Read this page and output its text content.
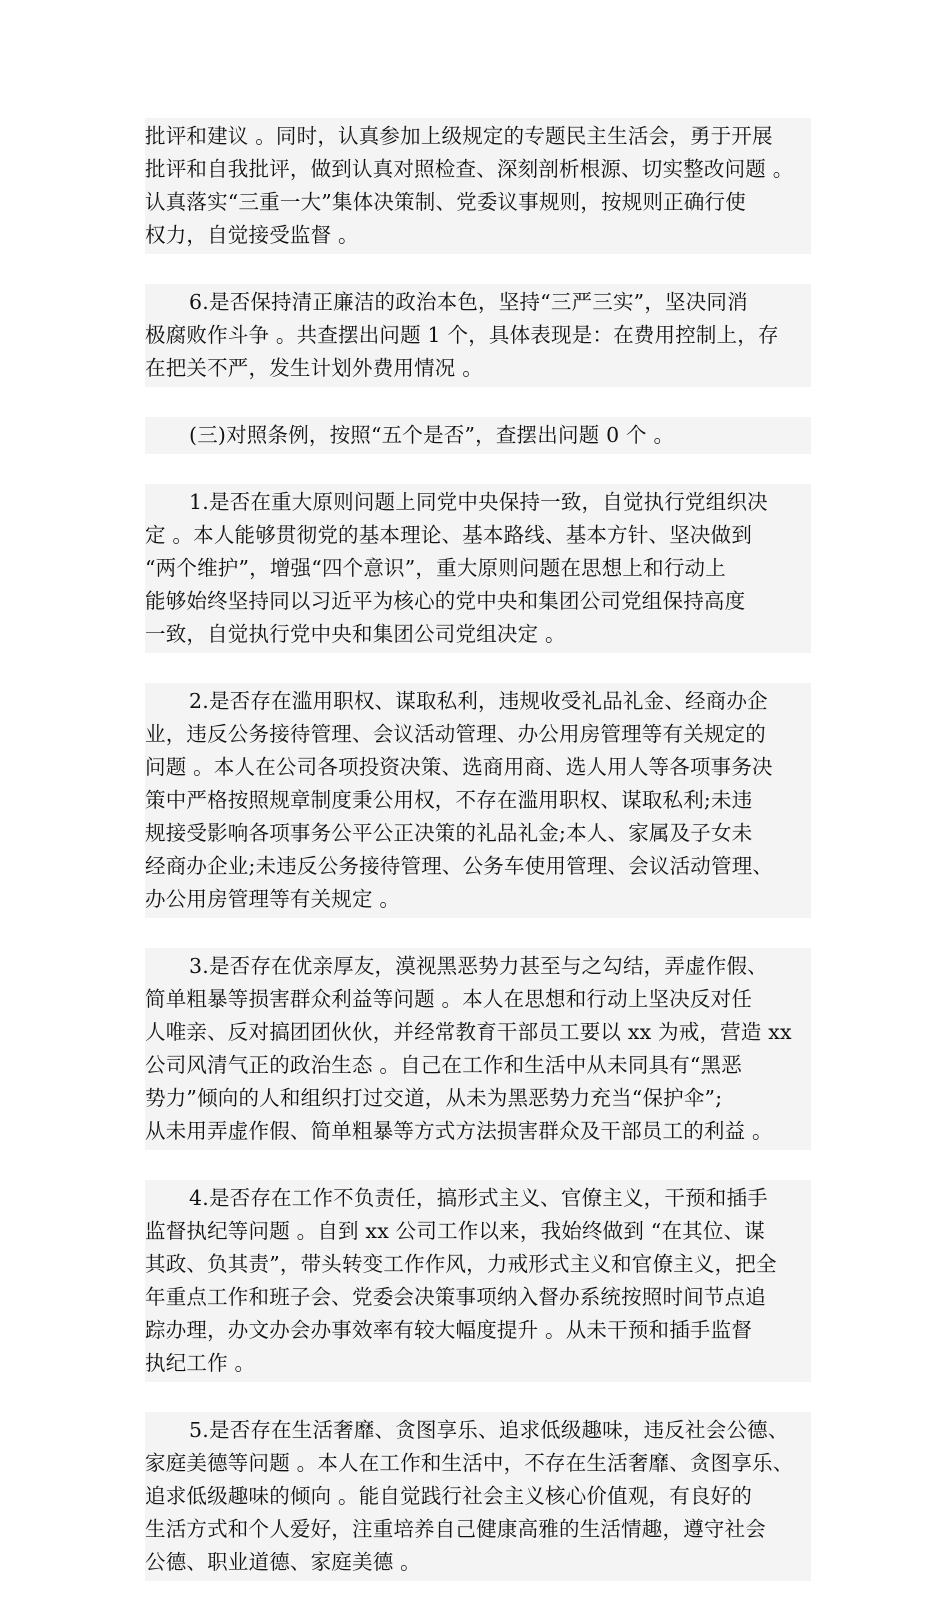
批评和建议 。同时，认真参加上级规定的专题民主生活会，勇于开展
批评和自我批评，做到认真对照检查、深刻剖析根源、切实整改问题 。
认真落实“三重一大”集体决策制、党委议事规则，按规则正确行使
权力，自觉接受监督 。
6.是否保持清正廉洁的政治本色，坚持“三严三实”，坚决同消
极腐败作斗争 。共查摆出问题 1 个，具体表现是：在费用控制上，存
在把关不严，发生计划外费用情况 。
(三)对照条例，按照“五个是否”，查摆出问题 0 个 。
1.是否在重大原则问题上同党中央保持一致，自觉执行党组织决
定 。本人能够贯彻党的基本理论、基本路线、基本方针、坚决做到
“两个维护”，增强“四个意识”，重大原则问题在思想上和行动上
能够始终坚持同以习近平为核心的党中央和集团公司党组保持高度
一致，自觉执行党中央和集团公司党组决定 。
2.是否存在滥用职权、谋取私利，违规收受礼品礼金、经商办企
业，违反公务接待管理、会议活动管理、办公用房管理等有关规定的
问题 。本人在公司各项投资决策、选商用商、选人用人等各项事务决
策中严格按照规章制度秉公用权，不存在滥用职权、谋取私利;未违
规接受影响各项事务公平公正决策的礼品礼金;本人、家属及子女未
经商办企业;未违反公务接待管理、公务车使用管理、会议活动管理、
办公用房管理等有关规定 。
3.是否存在优亲厚友，漠视黑恶势力甚至与之勾结，弄虚作假、
简单粗暴等损害群众利益等问题 。本人在思想和行动上坚决反对任
人唯亲、反对搞团团伙伙，并经常教育干部员工要以 xx 为戒，营造 xx
公司风清气正的政治生态 。自己在工作和生活中从未同具有“黑恶
势力”倾向的人和组织打过交道，从未为黑恶势力充当“保护伞”;
从未用弄虚作假、简单粗暴等方式方法损害群众及干部员工的利益 。
4.是否存在工作不负责任，搞形式主义、官僚主义，干预和插手
监督执纪等问题 。自到 xx 公司工作以来，我始终做到 “在其位、谋
其政、负其责”，带头转变工作作风，力戒形式主义和官僚主义，把全
年重点工作和班子会、党委会决策事项纳入督办系统按照时间节点追
踪办理，办文办会办事效率有较大幅度提升 。从未干预和插手监督
执纪工作 。
5.是否存在生活奢靡、贪图享乐、追求低级趣味，违反社会公德、
家庭美德等问题 。本人在工作和生活中，不存在生活奢靡、贪图享乐、
追求低级趣味的倾向 。能自觉践行社会主义核心价值观，有良好的
生活方式和个人爱好，注重培养自己健康高雅的生活情趣，遵守社会
公德、职业道德、家庭美德 。
